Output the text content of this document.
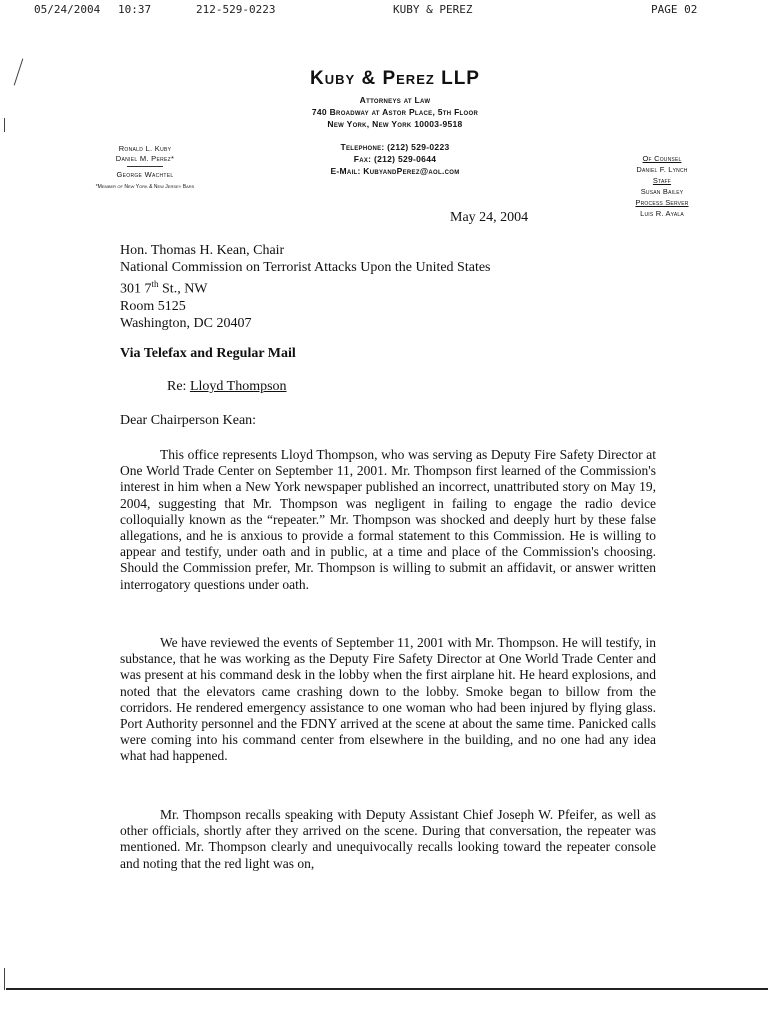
05/24/2004 10:37	212-529-0223	KUBY & PEREZ	PAGE 02
Kuby & Perez LLP
Attorneys at Law
740 Broadway at Astor Place, 5th Floor
New York, New York 10003-9518
Telephone: (212) 529-0223
Fax: (212) 529-0644
E-Mail: KubyandPerez@aol.com
Ronald L. Kuby
Daniel M. Perez*
George Wachtel
*Member of New York & New Jersey Bars
Of Counsel
Daniel F. Lynch
Staff
Susan Bailey
Process Server
Luis R. Ayala
May 24, 2004
Hon. Thomas H. Kean, Chair
National Commission on Terrorist Attacks Upon the United States
301 7th St., NW
Room 5125
Washington, DC 20407
Via Telefax and Regular Mail
Re: Lloyd Thompson
Dear Chairperson Kean:

This office represents Lloyd Thompson, who was serving as Deputy Fire Safety Director at One World Trade Center on September 11, 2001. Mr. Thompson first learned of the Commission's interest in him when a New York newspaper published an incorrect, unattributed story on May 19, 2004, suggesting that Mr. Thompson was negligent in failing to engage the radio device colloquially known as the “repeater.” Mr. Thompson was shocked and deeply hurt by these false allegations, and he is anxious to provide a formal statement to this Commission. He is willing to appear and testify, under oath and in public, at a time and place of the Commission's choosing. Should the Commission prefer, Mr. Thompson is willing to submit an affidavit, or answer written interrogatory questions under oath.

We have reviewed the events of September 11, 2001 with Mr. Thompson. He will testify, in substance, that he was working as the Deputy Fire Safety Director at One World Trade Center and was present at his command desk in the lobby when the first airplane hit. He heard explosions, and noted that the elevators came crashing down to the lobby. Smoke began to billow from the corridors. He rendered emergency assistance to one woman who had been injured by flying glass. Port Authority personnel and the FDNY arrived at the scene at about the same time. Panicked calls were coming into his command center from elsewhere in the building, and no one had any idea what had happened.

Mr. Thompson recalls speaking with Deputy Assistant Chief Joseph W. Pfeifer, as well as other officials, shortly after they arrived on the scene. During that conversation, the repeater was mentioned. Mr. Thompson clearly and unequivocally recalls looking toward the repeater console and noting that the red light was on,
